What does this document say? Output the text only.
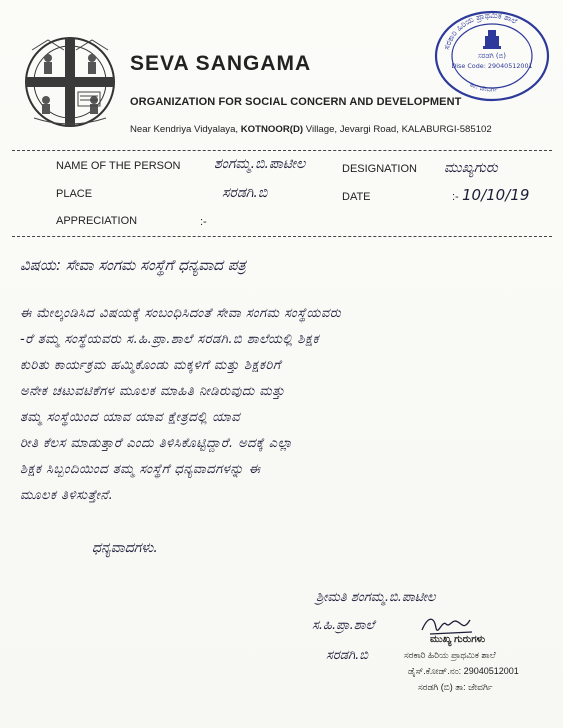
SEVA SANGAMA
ORGANIZATION FOR SOCIAL CONCERN AND DEVELOPMENT
Near Kendriya Vidyalaya, KOTNOOR(D) Village, Jevargi Road, KALABURGI-585102
ಸರಕಾರಿ ಹಿರಿಯ ಪ್ರಾಥಮಿಕ ಶಾಲೆ
ತಾ: ಜೇವರ್ಗಿ
ಸರಡಗಿ (ಬಿ)
Dise Code: 29040512001
NAME OF THE PERSON ಶಂಗಮ್ಮ.ಬಿ.ಪಾಟೀಲ	DESIGNATION ಮುಖ್ಯಗುರು
PLACE	ಸರಡಗಿ.ಬಿ	DATE	:- 10/10/19
APPRECIATION	:-
ವಿಷಯ: ಸೇವಾ ಸಂಗಮ ಸಂಸ್ಥೆಗೆ ಧನ್ಯವಾದ ಪತ್ರ
ಈ ಮೇಲ್ಕಂಡಿಸಿದ ವಿಷಯಕ್ಕೆ ಸಂಬಂಧಿಸಿದಂತೆ ಸೇವಾ ಸಂಗಮ ಸಂಸ್ಥೆಯವರು
-ರೆ ತಮ್ಮ ಸಂಸ್ಥೆಯವರು ಸ.ಹಿ.ಪ್ರಾ.ಶಾಲೆ ಸರಡಗಿ.ಬಿ ಶಾಲೆಯಲ್ಲಿ ಶಿಕ್ಷಕ
ಕುರಿತು ಕಾರ್ಯಕ್ರಮ ಹಮ್ಮಿಕೊಂಡು ಮಕ್ಕಳಿಗೆ ಮತ್ತು ಶಿಕ್ಷಕರಿಗೆ
ಅನೇಕ ಚಟುವಟಿಕೆಗಳ ಮೂಲಕ ಮಾಹಿತಿ ನೀಡಿರುವುದು ಮತ್ತು
ತಮ್ಮ ಸಂಸ್ಥೆಯಿಂದ ಯಾವ ಯಾವ ಕ್ಷೇತ್ರದಲ್ಲಿ ಯಾವ
ರೀತಿ ಕೆಲಸ ಮಾಡುತ್ತಾರೆ ಎಂದು ತಿಳಿಸಿಕೊಟ್ಟಿದ್ದಾರೆ. ಅದಕ್ಕೆ ಎಲ್ಲಾ
ಶಿಕ್ಷಕ ಸಿಬ್ಬಂದಿಯಿಂದ ತಮ್ಮ ಸಂಸ್ಥೆಗೆ ಧನ್ಯವಾದಗಳನ್ನು ಈ
ಮೂಲಕ ತಿಳಿಸುತ್ತೇನೆ.
ಧನ್ಯವಾದಗಳು.
ಶ್ರೀಮತಿ ಶಂಗಮ್ಮ.ಬಿ.ಪಾಟೀಲ
ಸ.ಹಿ.ಪ್ರಾ.ಶಾಲೆ
ಸರಡಗಿ.ಬಿ
ಮುಖ್ಯ ಗುರುಗಳು
ಸರಕಾರಿ ಹಿರಿಯ ಪ್ರಾಥಮಿಕ ಶಾಲೆ
ಡೈಸ್.ಕೋಡ್.ನಂ: 29040512001
ಸರಡಗಿ (ಬಿ) ತಾ: ಜೇವರ್ಗಿ
